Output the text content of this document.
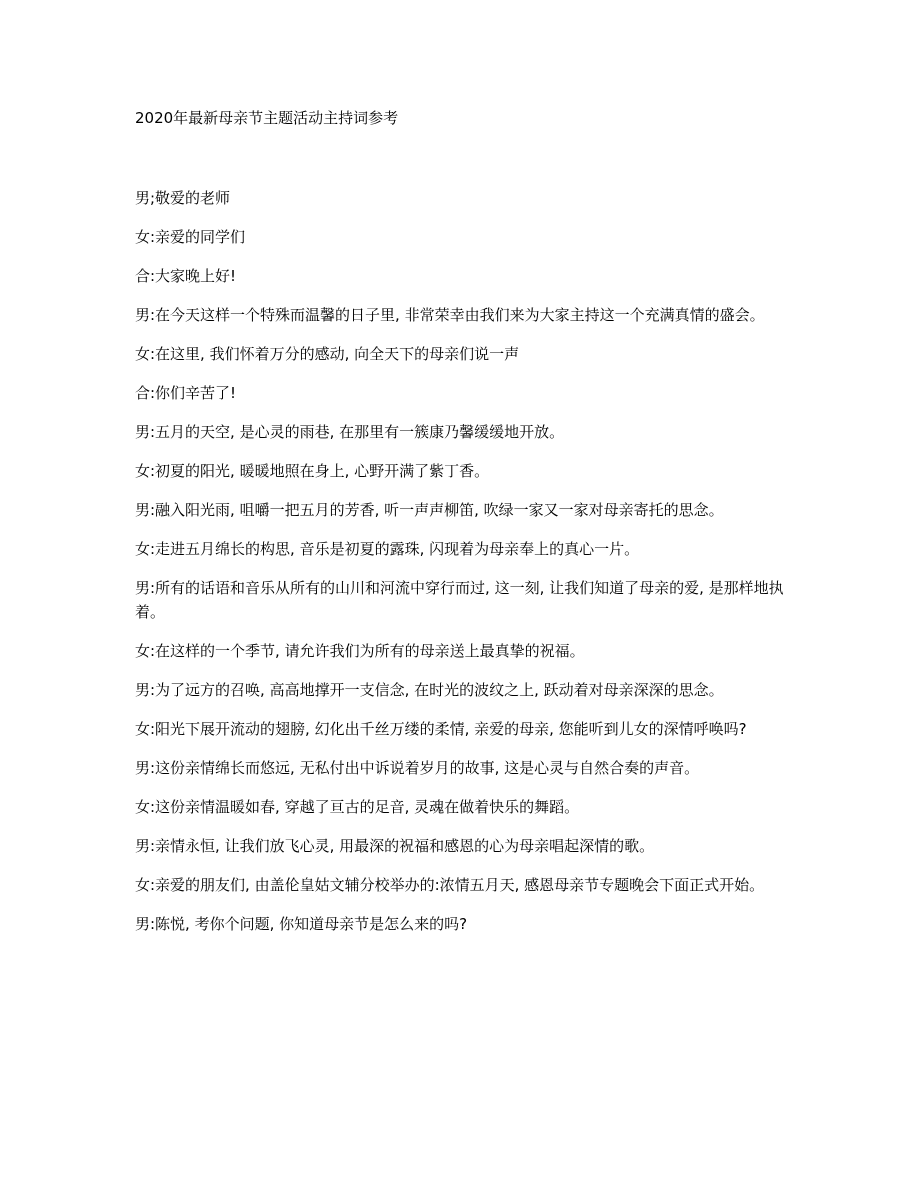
2020年最新母亲节主题活动主持词参考
男;敬爱的老师
女:亲爱的同学们
合:大家晚上好!
男:在今天这样一个特殊而温馨的日子里, 非常荣幸由我们来为大家主持这一个充满真情的盛会。
女:在这里, 我们怀着万分的感动, 向全天下的母亲们说一声
合:你们辛苦了!
男:五月的天空, 是心灵的雨巷, 在那里有一簇康乃馨缓缓地开放。
女:初夏的阳光, 暖暖地照在身上, 心野开满了紫丁香。
男:融入阳光雨, 咀嚼一把五月的芳香, 听一声声柳笛, 吹绿一家又一家对母亲寄托的思念。
女:走进五月绵长的构思, 音乐是初夏的露珠, 闪现着为母亲奉上的真心一片。
男:所有的话语和音乐从所有的山川和河流中穿行而过, 这一刻, 让我们知道了母亲的爱, 是那样地执着。
女:在这样的一个季节, 请允许我们为所有的母亲送上最真挚的祝福。
男:为了远方的召唤, 高高地撑开一支信念, 在时光的波纹之上, 跃动着对母亲深深的思念。
女:阳光下展开流动的翅膀, 幻化出千丝万缕的柔情, 亲爱的母亲, 您能听到儿女的深情呼唤吗?
男:这份亲情绵长而悠远, 无私付出中诉说着岁月的故事, 这是心灵与自然合奏的声音。
女:这份亲情温暖如春, 穿越了亘古的足音, 灵魂在做着快乐的舞蹈。
男:亲情永恒, 让我们放飞心灵, 用最深的祝福和感恩的心为母亲唱起深情的歌。
女:亲爱的朋友们, 由盖伦皇姑文辅分校举办的:浓情五月天, 感恩母亲节专题晚会下面正式开始。
男:陈悦, 考你个问题, 你知道母亲节是怎么来的吗?
